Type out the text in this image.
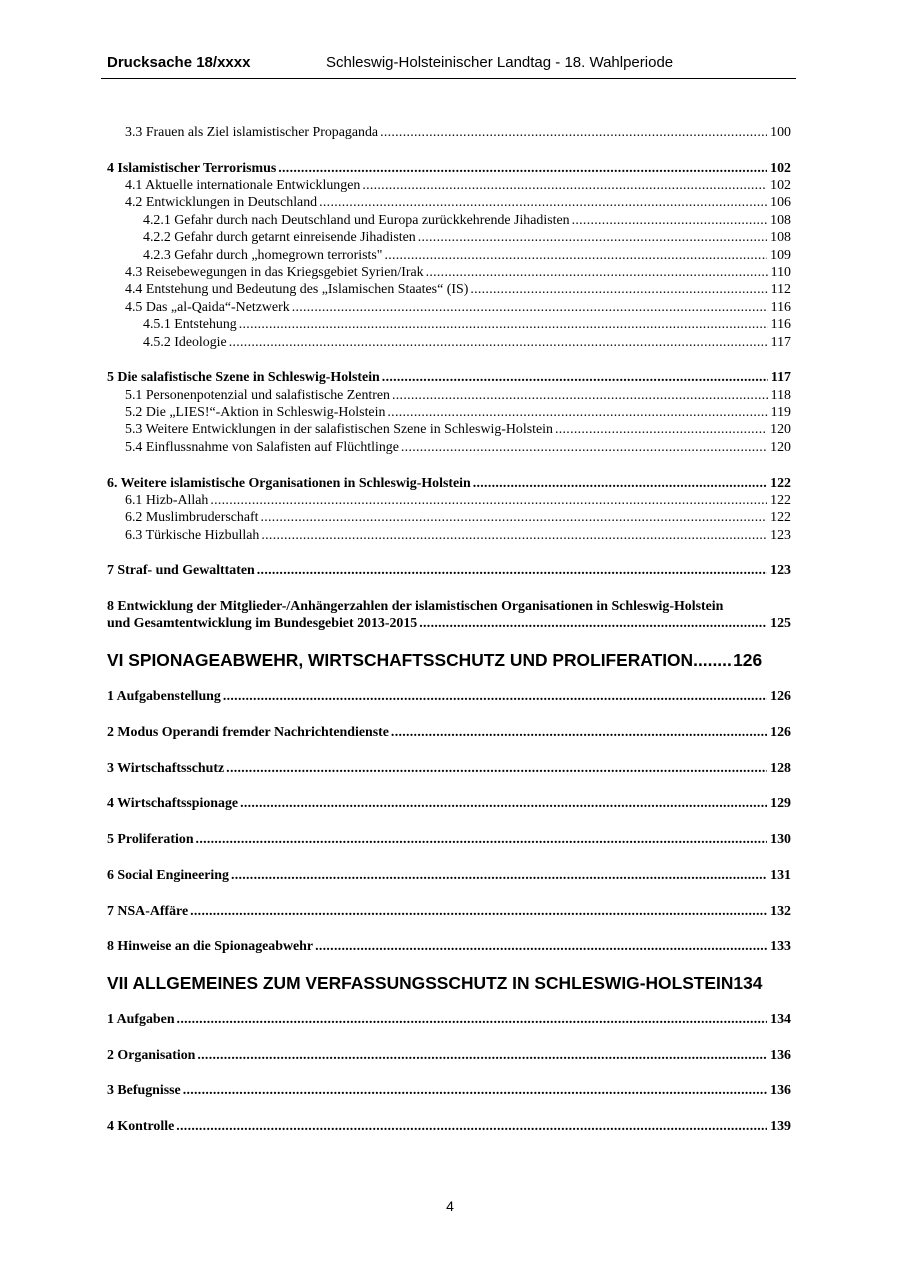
Drucksache 18/xxxx	Schleswig-Holsteinischer Landtag - 18. Wahlperiode
3.3 Frauen als Ziel islamistischer Propaganda .....	100
4 Islamistischer Terrorismus .....	102
4.1 Aktuelle internationale Entwicklungen .....	102
4.2 Entwicklungen in Deutschland .....	106
4.2.1 Gefahr durch nach Deutschland und Europa zurückkehrende Jihadisten .....	108
4.2.2 Gefahr durch getarnt einreisende Jihadisten .....	108
4.2.3 Gefahr durch „homegrown terrorists" .....	109
4.3 Reisebewegungen in das Kriegsgebiet Syrien/Irak .....	110
4.4 Entstehung und Bedeutung des „Islamischen Staates“ (IS) .....	112
4.5 Das „al-Qaida“-Netzwerk .....	116
4.5.1 Entstehung .....	116
4.5.2 Ideologie .....	117
5 Die salafistische Szene in Schleswig-Holstein .....	117
5.1 Personenpotenzial und salafistische Zentren .....	118
5.2 Die „LIES!“-Aktion in Schleswig-Holstein .....	119
5.3 Weitere Entwicklungen in der salafistischen Szene in Schleswig-Holstein .....	120
5.4 Einflussnahme von Salafisten auf Flüchtlinge .....	120
6. Weitere islamistische Organisationen in Schleswig-Holstein .....	122
6.1 Hizb-Allah .....	122
6.2 Muslimbruderschaft .....	122
6.3 Türkische Hizbullah .....	123
7 Straf- und Gewalttaten .....	123
8 Entwicklung der Mitglieder-/Anhängerzahlen der islamistischen Organisationen in Schleswig-Holstein
und Gesamtentwicklung im Bundesgebiet 2013-2015 .....	125
VI SPIONAGEABWEHR, WIRTSCHAFTSSCHUTZ UND PROLIFERATION ..... 126
1 Aufgabenstellung .....	126
2 Modus Operandi fremder Nachrichtendienste .....	126
3 Wirtschaftsschutz .....	128
4 Wirtschaftsspionage .....	129
5 Proliferation .....	130
6 Social Engineering .....	131
7 NSA-Affäre .....	132
8 Hinweise an die Spionageabwehr .....	133
VII ALLGEMEINES ZUM VERFASSUNGSSCHUTZ IN SCHLESWIG-HOLSTEIN 134
1 Aufgaben .....	134
2 Organisation .....	136
3 Befugnisse .....	136
4 Kontrolle .....	139
4
